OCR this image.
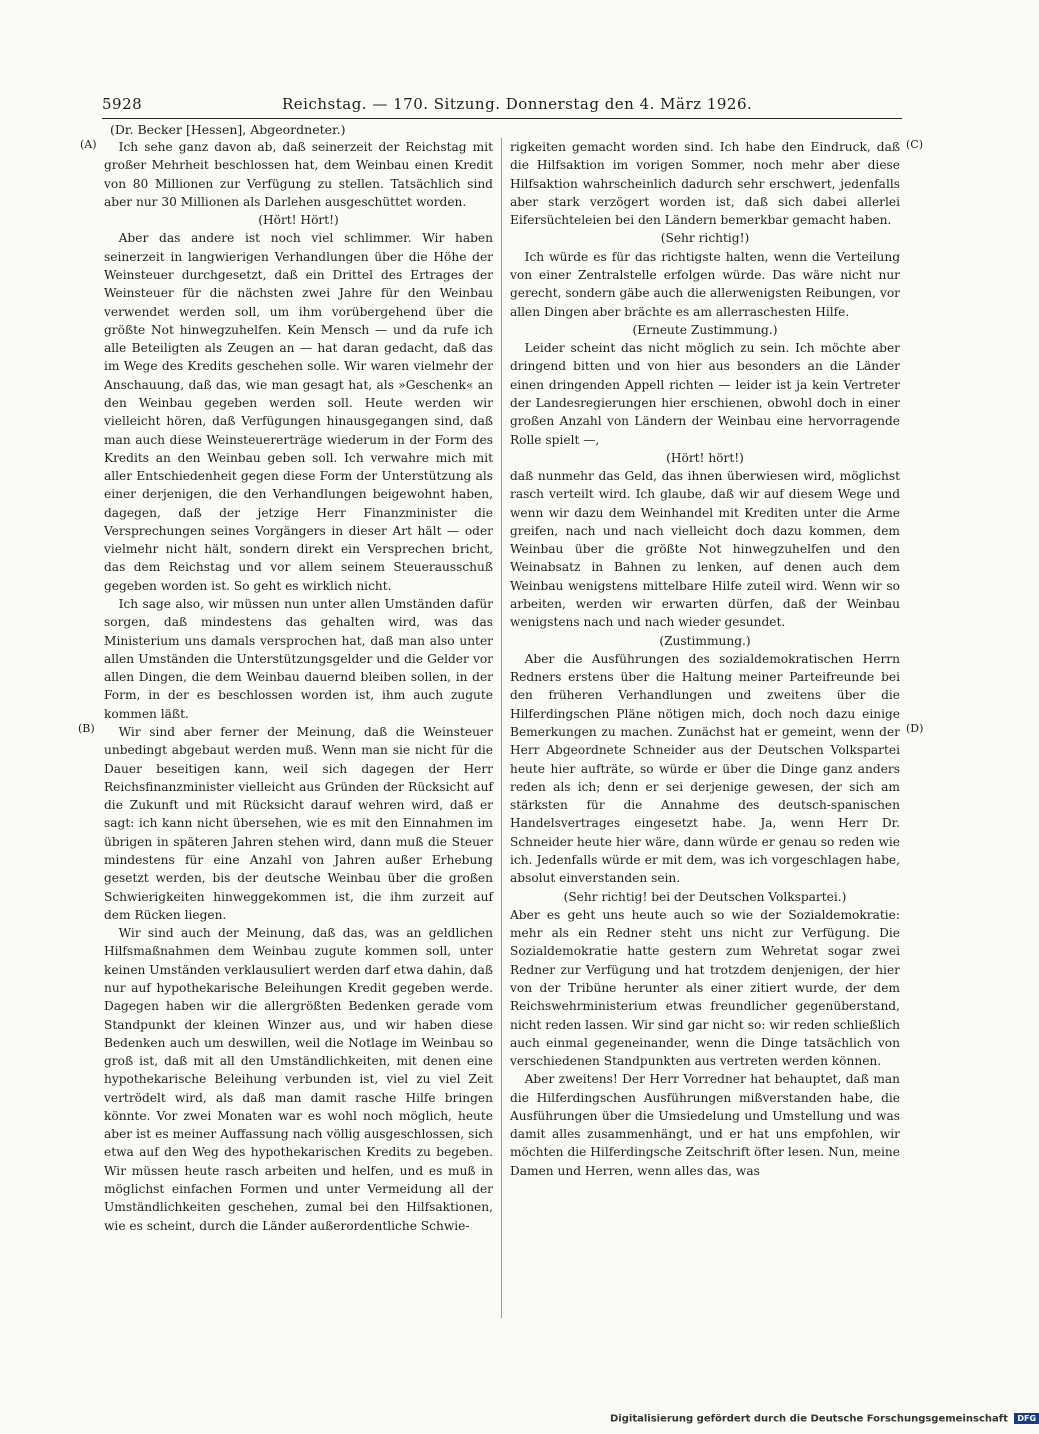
5928	Reichstag. — 170. Sitzung. Donnerstag den 4. März 1926.
(Dr. Becker [Hessen], Abgeordneter.)
(A)
(B)
(C)
(D)

Ich sehe ganz davon ab, daß seinerzeit der Reichstag mit großer Mehrheit beschlossen hat, dem Weinbau einen Kredit von 80 Millionen zur Verfügung zu stellen. Tatsächlich sind aber nur 30 Millionen als Darlehen ausgeschüttet worden.

(Hört! Hört!)

Aber das andere ist noch viel schlimmer. Wir haben seinerzeit in langwierigen Verhandlungen über die Höhe der Weinsteuer durchgesetzt, daß ein Drittel des Ertrages der Weinsteuer für die nächsten zwei Jahre für den Weinbau verwendet werden soll, um ihm vorübergehend über die größte Not hinwegzuhelfen. Kein Mensch — und da rufe ich alle Beteiligten als Zeugen an — hat daran gedacht, daß das im Wege des Kredits geschehen solle. Wir waren vielmehr der Anschauung, daß das, wie man gesagt hat, als »Geschenk« an den Weinbau gegeben werden soll. Heute werden wir vielleicht hören, daß Verfügungen hinausgegangen sind, daß man auch diese Weinsteuererträge wiederum in der Form des Kredits an den Weinbau geben soll. Ich verwahre mich mit aller Entschiedenheit gegen diese Form der Unterstützung als einer derjenigen, die den Verhandlungen beigewohnt haben, dagegen, daß der jetzige Herr Finanzminister die Versprechungen seines Vorgängers in dieser Art hält — oder vielmehr nicht hält, sondern direkt ein Versprechen bricht, das dem Reichstag und vor allem seinem Steuerausschuß gegeben worden ist. So geht es wirklich nicht.

Ich sage also, wir müssen nun unter allen Umständen dafür sorgen, daß mindestens das gehalten wird, was das Ministerium uns damals versprochen hat, daß man also unter allen Umständen die Unterstützungsgelder und die Gelder vor allen Dingen, die dem Weinbau dauernd bleiben sollen, in der Form, in der es beschlossen worden ist, ihm auch zugute kommen läßt.

Wir sind aber ferner der Meinung, daß die Weinsteuer unbedingt abgebaut werden muß. Wenn man sie nicht für die Dauer beseitigen kann, weil sich dagegen der Herr Reichsfinanzminister vielleicht aus Gründen der Rücksicht auf die Zukunft und mit Rücksicht darauf wehren wird, daß er sagt: ich kann nicht übersehen, wie es mit den Einnahmen im übrigen in späteren Jahren stehen wird, dann muß die Steuer mindestens für eine Anzahl von Jahren außer Erhebung gesetzt werden, bis der deutsche Weinbau über die großen Schwierigkeiten hinweggekommen ist, die ihm zurzeit auf dem Rücken liegen.

Wir sind auch der Meinung, daß das, was an geldlichen Hilfsmaßnahmen dem Weinbau zugute kommen soll, unter keinen Umständen verklausuliert werden darf etwa dahin, daß nur auf hypothekarische Beleihungen Kredit gegeben werde. Dagegen haben wir die allergrößten Bedenken gerade vom Standpunkt der kleinen Winzer aus, und wir haben diese Bedenken auch um deswillen, weil die Notlage im Weinbau so groß ist, daß mit all den Umständlichkeiten, mit denen eine hypothekarische Beleihung verbunden ist, viel zu viel Zeit vertrödelt wird, als daß man damit rasche Hilfe bringen könnte. Vor zwei Monaten war es wohl noch möglich, heute aber ist es meiner Auffassung nach völlig ausgeschlossen, sich etwa auf den Weg des hypothekarischen Kredits zu begeben. Wir müssen heute rasch arbeiten und helfen, und es muß in möglichst einfachen Formen und unter Vermeidung all der Umständlichkeiten geschehen, zumal bei den Hilfsaktionen, wie es scheint, durch die Länder außerordentliche Schwie-

rigkeiten gemacht worden sind. Ich habe den Eindruck, daß die Hilfsaktion im vorigen Sommer, noch mehr aber diese Hilfsaktion wahrscheinlich dadurch sehr erschwert, jedenfalls aber stark verzögert worden ist, daß sich dabei allerlei Eifersüchteleien bei den Ländern bemerkbar gemacht haben.

(Sehr richtig!)

Ich würde es für das richtigste halten, wenn die Verteilung von einer Zentralstelle erfolgen würde. Das wäre nicht nur gerecht, sondern gäbe auch die allerwenigsten Reibungen, vor allen Dingen aber brächte es am allerraschesten Hilfe.

(Erneute Zustimmung.)

Leider scheint das nicht möglich zu sein. Ich möchte aber dringend bitten und von hier aus besonders an die Länder einen dringenden Appell richten — leider ist ja kein Vertreter der Landesregierungen hier erschienen, obwohl doch in einer großen Anzahl von Ländern der Weinbau eine hervorragende Rolle spielt —,

(Hört! hört!)

daß nunmehr das Geld, das ihnen überwiesen wird, möglichst rasch verteilt wird. Ich glaube, daß wir auf diesem Wege und wenn wir dazu dem Weinhandel mit Krediten unter die Arme greifen, nach und nach vielleicht doch dazu kommen, dem Weinbau über die größte Not hinwegzuhelfen und den Weinabsatz in Bahnen zu lenken, auf denen auch dem Weinbau wenigstens mittelbare Hilfe zuteil wird. Wenn wir so arbeiten, werden wir erwarten dürfen, daß der Weinbau wenigstens nach und nach wieder gesundet.

(Zustimmung.)

Aber die Ausführungen des sozialdemokratischen Herrn Redners erstens über die Haltung meiner Parteifreunde bei den früheren Verhandlungen und zweitens über die Hilferdingschen Pläne nötigen mich, doch noch dazu einige Bemerkungen zu machen. Zunächst hat er gemeint, wenn der Herr Abgeordnete Schneider aus der Deutschen Volkspartei heute hier aufträte, so würde er über die Dinge ganz anders reden als ich; denn er sei derjenige gewesen, der sich am stärksten für die Annahme des deutsch-spanischen Handelsvertrages eingesetzt habe. Ja, wenn Herr Dr. Schneider heute hier wäre, dann würde er genau so reden wie ich. Jedenfalls würde er mit dem, was ich vorgeschlagen habe, absolut einverstanden sein.

(Sehr richtig! bei der Deutschen Volkspartei.)

Aber es geht uns heute auch so wie der Sozialdemokratie: mehr als ein Redner steht uns nicht zur Verfügung. Die Sozialdemokratie hatte gestern zum Wehretat sogar zwei Redner zur Verfügung und hat trotzdem denjenigen, der hier von der Tribüne herunter als einer zitiert wurde, der dem Reichswehrministerium etwas freundlicher gegenüberstand, nicht reden lassen. Wir sind gar nicht so: wir reden schließlich auch einmal gegeneinander, wenn die Dinge tatsächlich von verschiedenen Standpunkten aus vertreten werden können.

Aber zweitens! Der Herr Vorredner hat behauptet, daß man die Hilferdingschen Ausführungen mißverstanden habe, die Ausführungen über die Umsiedelung und Umstellung und was damit alles zusammenhängt, und er hat uns empfohlen, wir möchten die Hilferdingsche Zeitschrift öfter lesen. Nun, meine Damen und Herren, wenn alles das, was

Digitalisierung gefördert durch die Deutsche Forschungsgemeinschaft DFG
